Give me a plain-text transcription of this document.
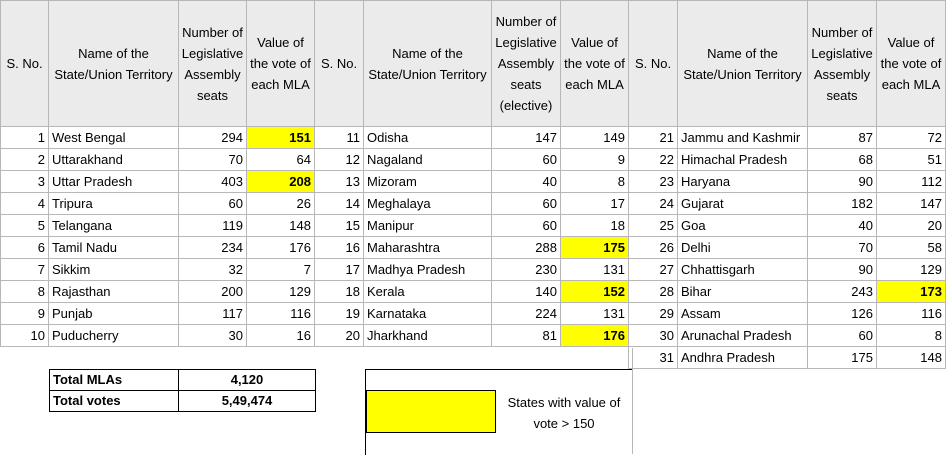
S. No.	Name of the State/Union Territory	Number of Legislative Assembly seats	Value of the vote of each MLA	S. No.	Name of the State/Union Territory	Number of Legislative Assembly seats (elective)	Value of the vote of each MLA	S. No.	Name of the State/Union Territory	Number of Legislative Assembly seats	Value of the vote of each MLA
1	West Bengal	294	151	11	Odisha	147	149	21	Jammu and Kashmir	87	72
2	Uttarakhand	70	64	12	Nagaland	60	9	22	Himachal Pradesh	68	51
3	Uttar Pradesh	403	208	13	Mizoram	40	8	23	Haryana	90	112
4	Tripura	60	26	14	Meghalaya	60	17	24	Gujarat	182	147
5	Telangana	119	148	15	Manipur	60	18	25	Goa	40	20
6	Tamil Nadu	234	176	16	Maharashtra	288	175	26	Delhi	70	58
7	Sikkim	32	7	17	Madhya Pradesh	230	131	27	Chhattisgarh	90	129
8	Rajasthan	200	129	18	Kerala	140	152	28	Bihar	243	173
9	Punjab	117	116	19	Karnataka	224	131	29	Assam	126	116
10	Puducherry	30	16	20	Jharkhand	81	176	30	Arunachal Pradesh	60	8
								31	Andhra Pradesh	175	148
Total MLAs	4,120
Total votes	5,49,474	States with value of vote > 150
